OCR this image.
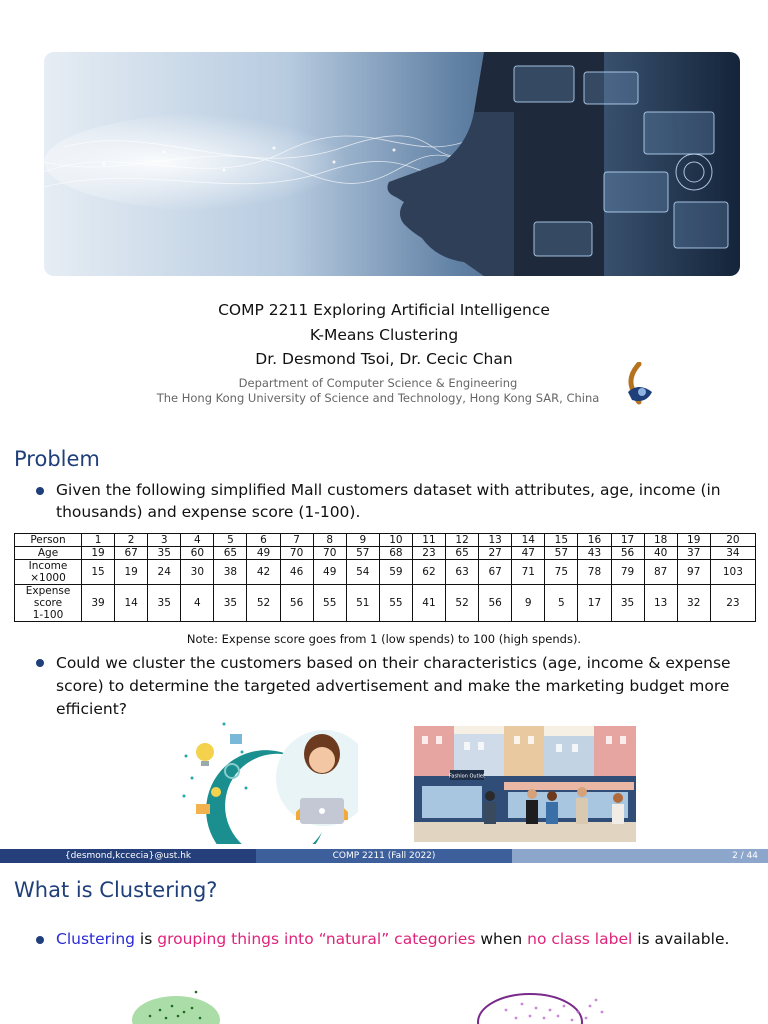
COMP 2211 Exploring Artificial Intelligence
K-Means Clustering
Dr. Desmond Tsoi, Dr. Cecic Chan
Department of Computer Science & Engineering
The Hong Kong University of Science and Technology, Hong Kong SAR, China
Problem
Given the following simplified Mall customers dataset with attributes, age, income (in
thousands) and expense score (1-100).
Person	1	2	3	4	5	6	7	8	9	10	11	12	13	14	15	16	17	18	19	20
Age	19	67	35	60	65	49	70	70	57	68	23	65	27	47	57	43	56	40	37	34
Income
×1000	15	19	24	30	38	42	46	49	54	59	62	63	67	71	75	78	79	87	97	103
Expense
score
1-100	39	14	35	4	35	52	56	55	51	55	41	52	56	9	5	17	35	13	32	23
Note: Expense score goes from 1 (low spends) to 100 (high spends).
Could we cluster the customers based on their characteristics (age, income & expense
score) to determine the targeted advertisement and make the marketing budget more
efficient?
Fashion Outlet
{desmond,kccecia}@ust.hk	COMP 2211 (Fall 2022)	2 / 44
What is Clustering?
Clustering is grouping things into “natural” categories when no class label is available.
